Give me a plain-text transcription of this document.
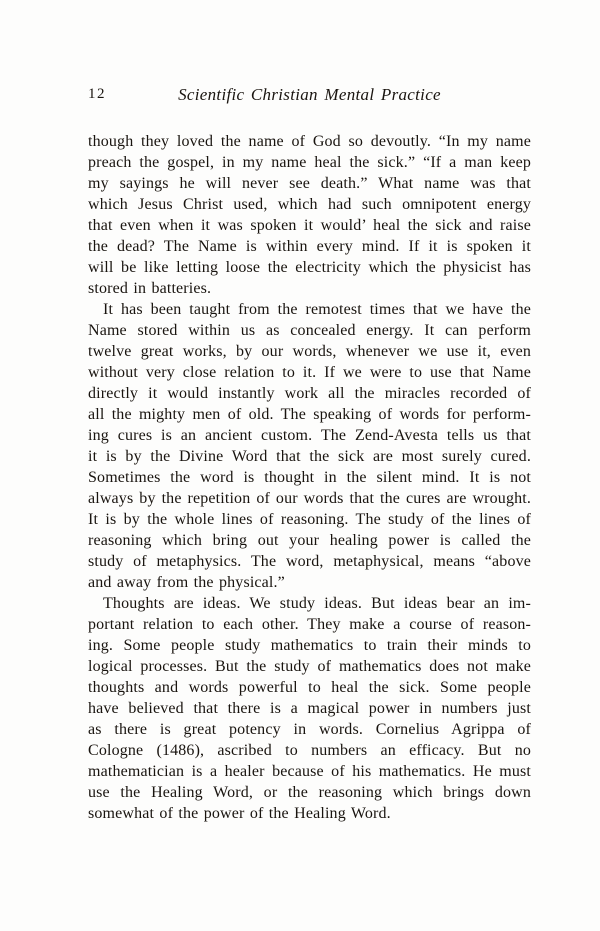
12	Scientific Christian Mental Practice
though they loved the name of God so devoutly. “In my name
preach the gospel, in my name heal the sick.” “If a man keep
my sayings he will never see death.” What name was that
which Jesus Christ used, which had such omnipotent energy
that even when it was spoken it would’ heal the sick and raise
the dead? The Name is within every mind. If it is spoken it
will be like letting loose the electricity which the physicist has
stored in batteries.
It has been taught from the remotest times that we have the
Name stored within us as concealed energy. It can perform
twelve great works, by our words, whenever we use it, even
without very close relation to it. If we were to use that Name
directly it would instantly work all the miracles recorded of
all the mighty men of old. The speaking of words for perform-
ing cures is an ancient custom. The Zend-Avesta tells us that
it is by the Divine Word that the sick are most surely cured.
Sometimes the word is thought in the silent mind. It is not
always by the repetition of our words that the cures are wrought.
It is by the whole lines of reasoning. The study of the lines of
reasoning which bring out your healing power is called the
study of metaphysics. The word, metaphysical, means “above
and away from the physical.”
Thoughts are ideas. We study ideas. But ideas bear an im-
portant relation to each other. They make a course of reason-
ing. Some people study mathematics to train their minds to
logical processes. But the study of mathematics does not make
thoughts and words powerful to heal the sick. Some people
have believed that there is a magical power in numbers just
as there is great potency in words. Cornelius Agrippa of
Cologne (1486), ascribed to numbers an efficacy. But no
mathematician is a healer because of his mathematics. He must
use the Healing Word, or the reasoning which brings down
somewhat of the power of the Healing Word.
